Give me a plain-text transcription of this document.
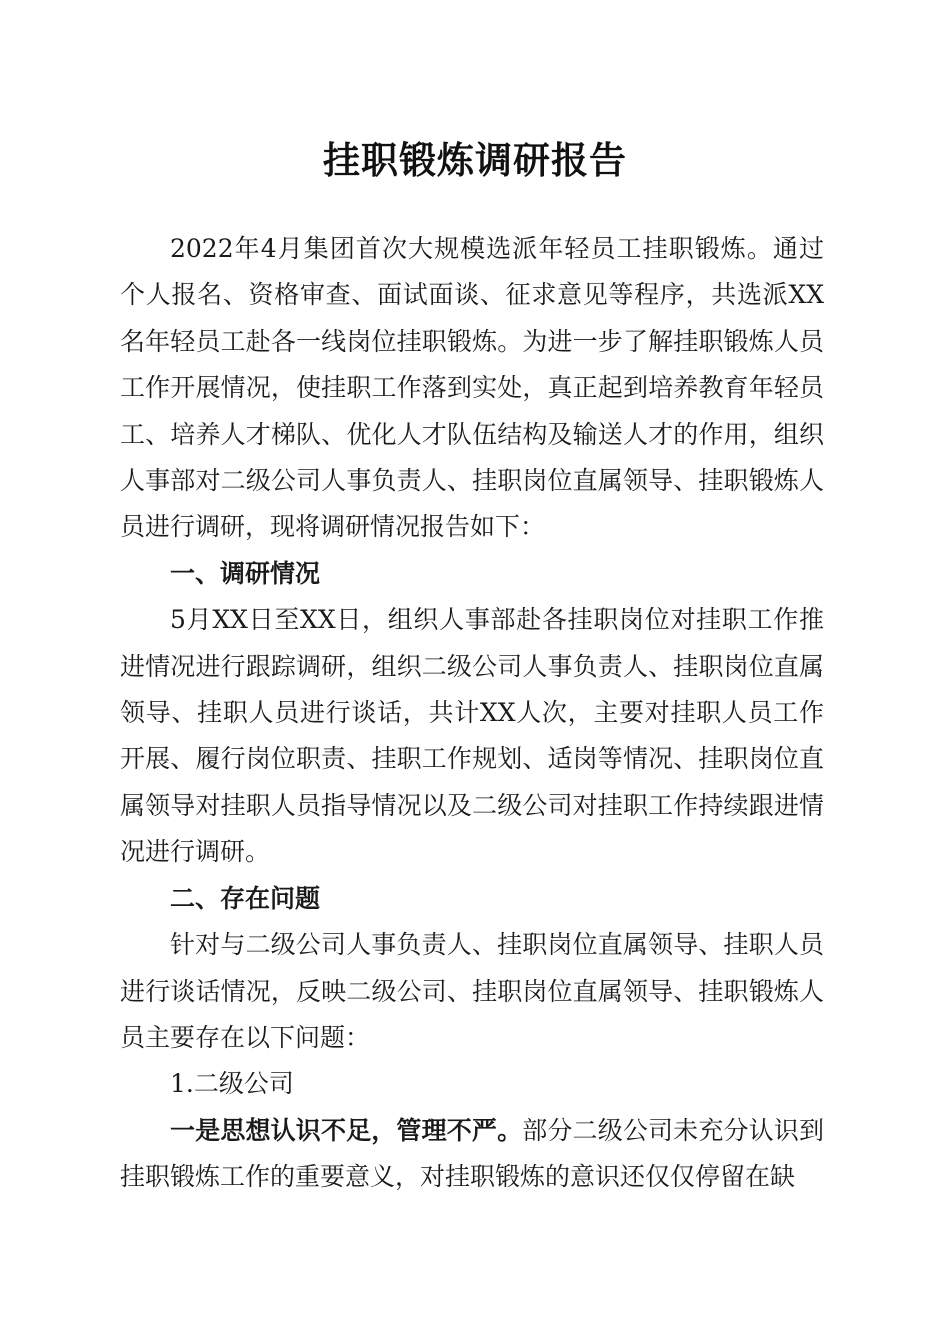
挂职锻炼调研报告

2022年4月集团首次大规模选派年轻员工挂职锻炼。通过个人报名、资格审查、面试面谈、征求意见等程序，共选派XX名年轻员工赴各一线岗位挂职锻炼。为进一步了解挂职锻炼人员工作开展情况，使挂职工作落到实处，真正起到培养教育年轻员工、培养人才梯队、优化人才队伍结构及输送人才的作用，组织人事部对二级公司人事负责人、挂职岗位直属领导、挂职锻炼人员进行调研，现将调研情况报告如下：

一、调研情况

5月XX日至XX日，组织人事部赴各挂职岗位对挂职工作推进情况进行跟踪调研，组织二级公司人事负责人、挂职岗位直属领导、挂职人员进行谈话，共计XX人次，主要对挂职人员工作开展、履行岗位职责、挂职工作规划、适岗等情况、挂职岗位直属领导对挂职人员指导情况以及二级公司对挂职工作持续跟进情况进行调研。

二、存在问题

针对与二级公司人事负责人、挂职岗位直属领导、挂职人员进行谈话情况，反映二级公司、挂职岗位直属领导、挂职锻炼人员主要存在以下问题：

1.二级公司

一是思想认识不足，管理不严。部分二级公司未充分认识到挂职锻炼工作的重要意义，对挂职锻炼的意识还仅仅停留在缺
